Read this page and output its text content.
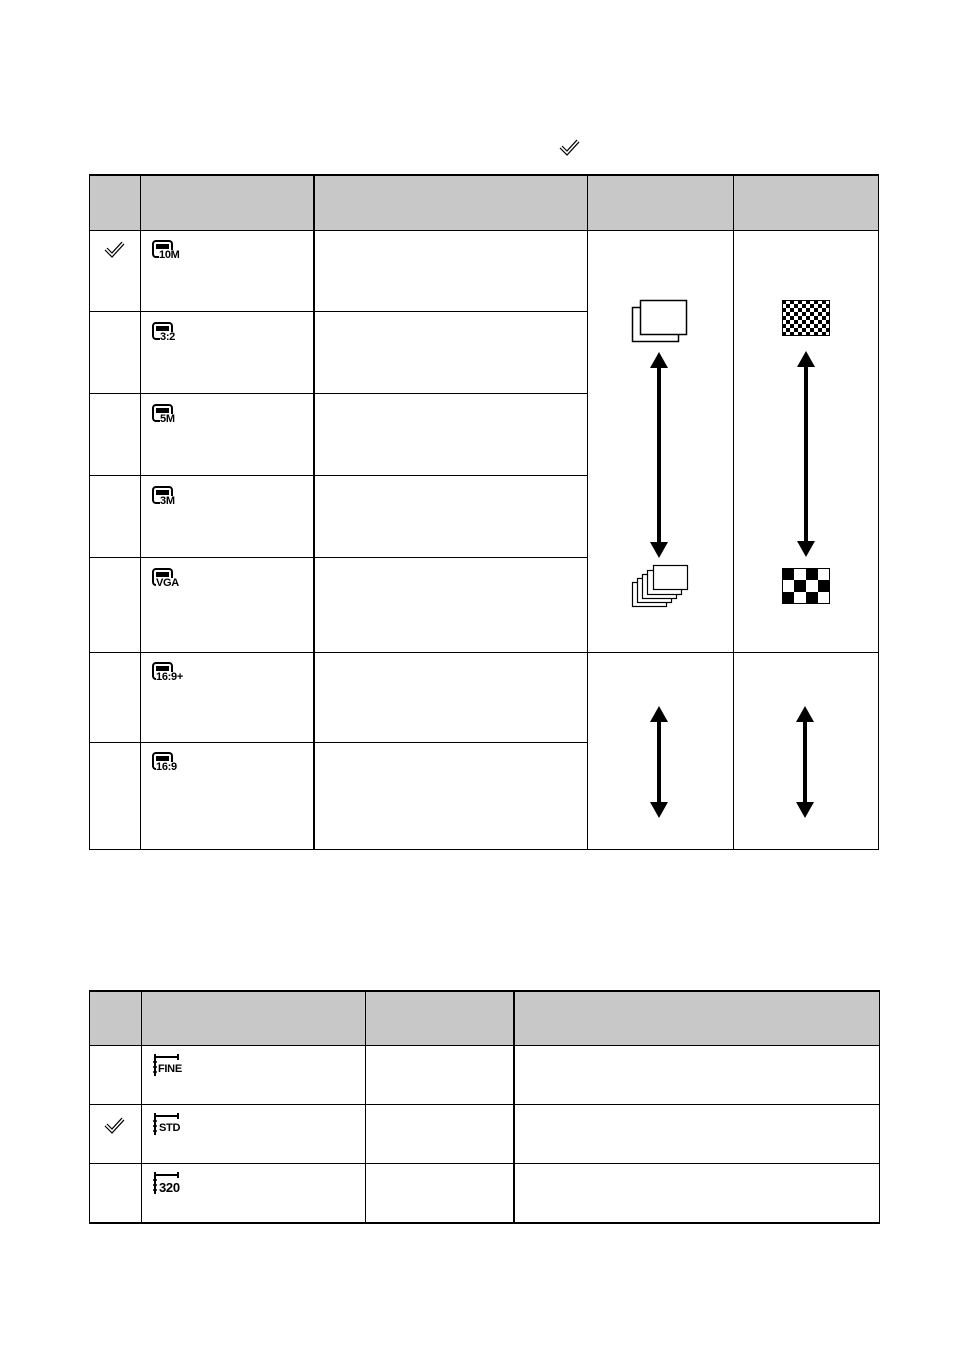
10M
3:2
5M
3M
VGA
16:9+
16:9
FINE
STD
320
